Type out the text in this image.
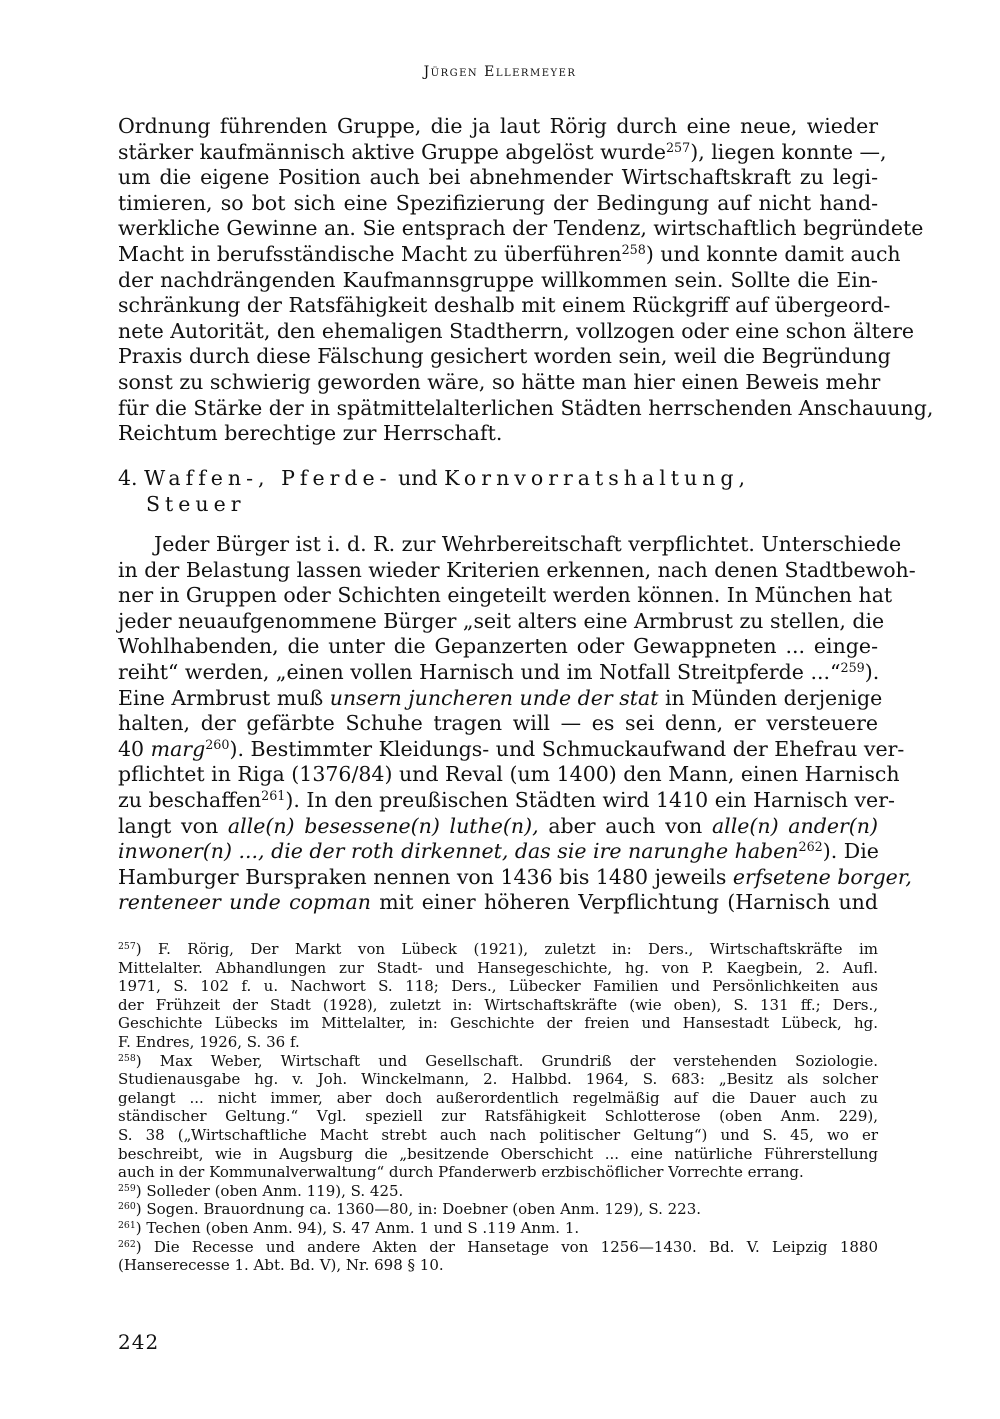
Jürgen Ellermeyer
Ordnung führenden Gruppe, die ja laut Rörig durch eine neue, wieder
stärker kaufmännisch aktive Gruppe abgelöst wurde$^{257}$), liegen konnte —,
um die eigene Position auch bei abnehmender Wirtschaftskraft zu legi-
timieren, so bot sich eine Spezifizierung der Bedingung auf nicht hand-
werkliche Gewinne an. Sie entsprach der Tendenz, wirtschaftlich begründete
Macht in berufsständische Macht zu überführen$^{258}$) und konnte damit auch
der nachdrängenden Kaufmannsgruppe willkommen sein. Sollte die Ein-
schränkung der Ratsfähigkeit deshalb mit einem Rückgriff auf übergeord-
nete Autorität, den ehemaligen Stadtherrn, vollzogen oder eine schon ältere
Praxis durch diese Fälschung gesichert worden sein, weil die Begründung
sonst zu schwierig geworden wäre, so hätte man hier einen Beweis mehr
für die Stärke der in spätmittelalterlichen Städten herrschenden Anschauung,
Reichtum berechtige zur Herrschaft.
4. Waffen-, Pferde- und Kornvorratshaltung,
Steuer
Jeder Bürger ist i. d. R. zur Wehrbereitschaft verpflichtet. Unterschiede
in der Belastung lassen wieder Kriterien erkennen, nach denen Stadtbewoh-
ner in Gruppen oder Schichten eingeteilt werden können. In München hat
jeder neuaufgenommene Bürger „seit alters eine Armbrust zu stellen, die
Wohlhabenden, die unter die Gepanzerten oder Gewappneten ... einge-
reiht“ werden, „einen vollen Harnisch und im Notfall Streitpferde ...“$^{259}$).
Eine Armbrust muß unsern juncheren unde der stat in Münden derjenige
halten, der gefärbte Schuhe tragen will — es sei denn, er versteuere
40 marg$^{260}$). Bestimmter Kleidungs- und Schmuckaufwand der Ehefrau ver-
pflichtet in Riga (1376/84) und Reval (um 1400) den Mann, einen Harnisch
zu beschaffen$^{261}$). In den preußischen Städten wird 1410 ein Harnisch ver-
langt von alle(n) besessene(n) luthe(n), aber auch von alle(n) ander(n)
inwoner(n) ..., die der roth dirkennet, das sie ire narunghe haben$^{262}$). Die
Hamburger Burspraken nennen von 1436 bis 1480 jeweils erfsetene borger,
renteneer unde copman mit einer höheren Verpflichtung (Harnisch und
$^{257}$) F. Rörig, Der Markt von Lübeck (1921), zuletzt in: Ders., Wirtschaftskräfte im
Mittelalter. Abhandlungen zur Stadt- und Hansegeschichte, hg. von P. Kaegbein, 2. Aufl.
1971, S. 102 f. u. Nachwort S. 118; Ders., Lübecker Familien und Persönlichkeiten aus
der Frühzeit der Stadt (1928), zuletzt in: Wirtschaftskräfte (wie oben), S. 131 ff.; Ders.,
Geschichte Lübecks im Mittelalter, in: Geschichte der freien und Hansestadt Lübeck, hg.
F. Endres, 1926, S. 36 f.
$^{258}$) Max Weber, Wirtschaft und Gesellschaft. Grundriß der verstehenden Soziologie.
Studienausgabe hg. v. Joh. Winckelmann, 2. Halbbd. 1964, S. 683: „Besitz als solcher
gelangt ... nicht immer, aber doch außerordentlich regelmäßig auf die Dauer auch zu
ständischer Geltung.“ Vgl. speziell zur Ratsfähigkeit Schlotterose (oben Anm. 229),
S. 38 („Wirtschaftliche Macht strebt auch nach politischer Geltung“) und S. 45, wo er
beschreibt, wie in Augsburg die „besitzende Oberschicht ... eine natürliche Führerstellung
auch in der Kommunalverwaltung“ durch Pfanderwerb erzbischöflicher Vorrechte errang.
$^{259}$) Solleder (oben Anm. 119), S. 425.
$^{260}$) Sogen. Brauordnung ca. 1360—80, in: Doebner (oben Anm. 129), S. 223.
$^{261}$) Techen (oben Anm. 94), S. 47 Anm. 1 und S .119 Anm. 1.
$^{262}$) Die Recesse und andere Akten der Hansetage von 1256—1430. Bd. V. Leipzig 1880
(Hanserecesse 1. Abt. Bd. V), Nr. 698 § 10.
242
